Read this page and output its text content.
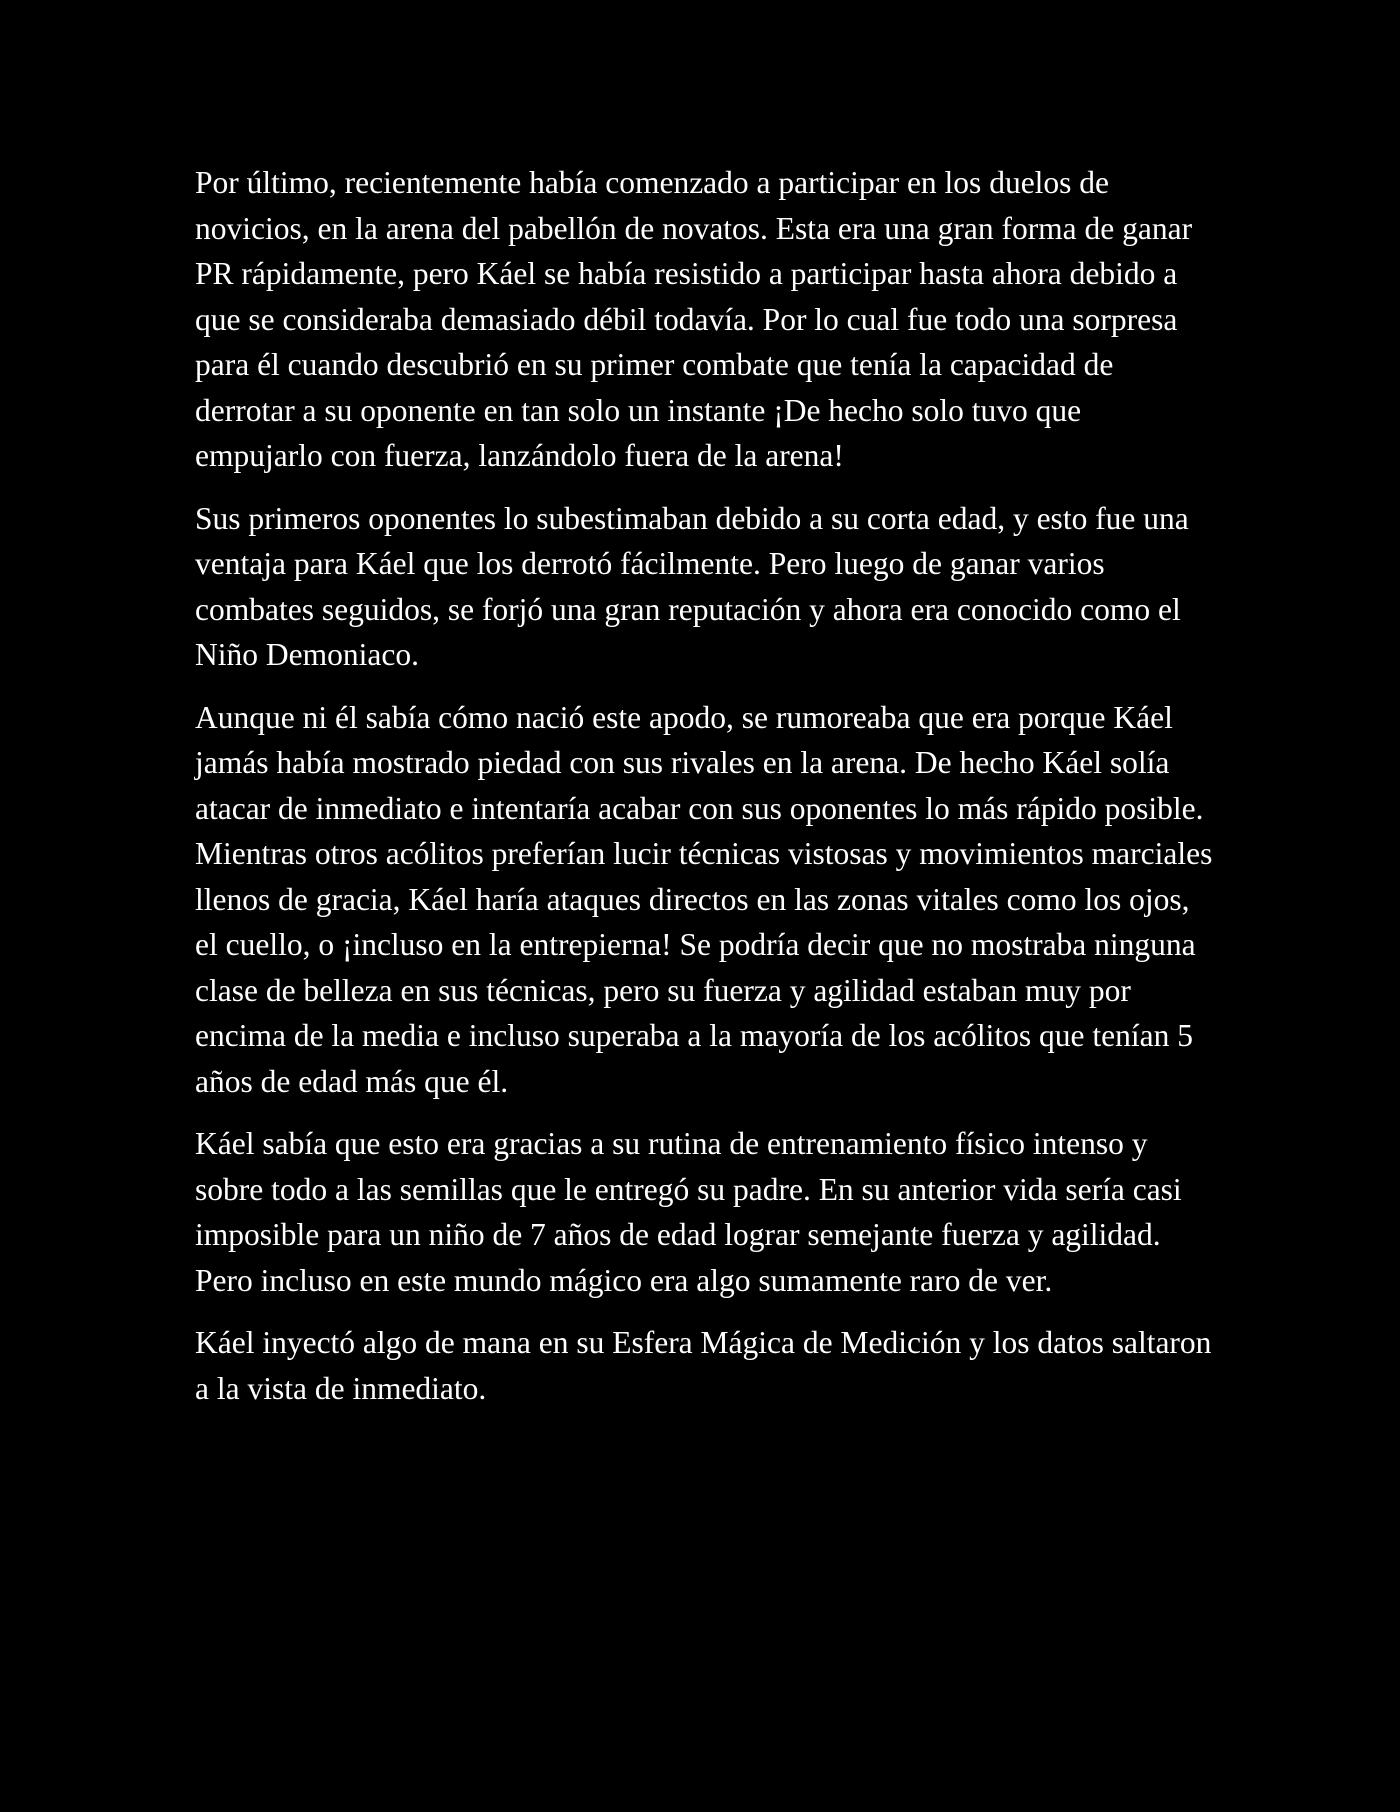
Por último, recientemente había comenzado a participar en los duelos de novicios, en la arena del pabellón de novatos. Esta era una gran forma de ganar PR rápidamente, pero Káel se había resistido a participar hasta ahora debido a que se consideraba demasiado débil todavía. Por lo cual fue todo una sorpresa para él cuando descubrió en su primer combate que tenía la capacidad de derrotar a su oponente en tan solo un instante ¡De hecho solo tuvo que empujarlo con fuerza, lanzándolo fuera de la arena!

Sus primeros oponentes lo subestimaban debido a su corta edad, y esto fue una ventaja para Káel que los derrotó fácilmente. Pero luego de ganar varios combates seguidos, se forjó una gran reputación y ahora era conocido como el Niño Demoniaco.

Aunque ni él sabía cómo nació este apodo, se rumoreaba que era porque Káel jamás había mostrado piedad con sus rivales en la arena. De hecho Káel solía atacar de inmediato e intentaría acabar con sus oponentes lo más rápido posible. Mientras otros acólitos preferían lucir técnicas vistosas y movimientos marciales llenos de gracia, Káel haría ataques directos en las zonas vitales como los ojos, el cuello, o ¡incluso en la entrepierna! Se podría decir que no mostraba ninguna clase de belleza en sus técnicas, pero su fuerza y agilidad estaban muy por encima de la media e incluso superaba a la mayoría de los acólitos que tenían 5 años de edad más que él.

Káel sabía que esto era gracias a su rutina de entrenamiento físico intenso y sobre todo a las semillas que le entregó su padre. En su anterior vida sería casi imposible para un niño de 7 años de edad lograr semejante fuerza y agilidad. Pero incluso en este mundo mágico era algo sumamente raro de ver.

Káel inyectó algo de mana en su Esfera Mágica de Medición y los datos saltaron a la vista de inmediato.
